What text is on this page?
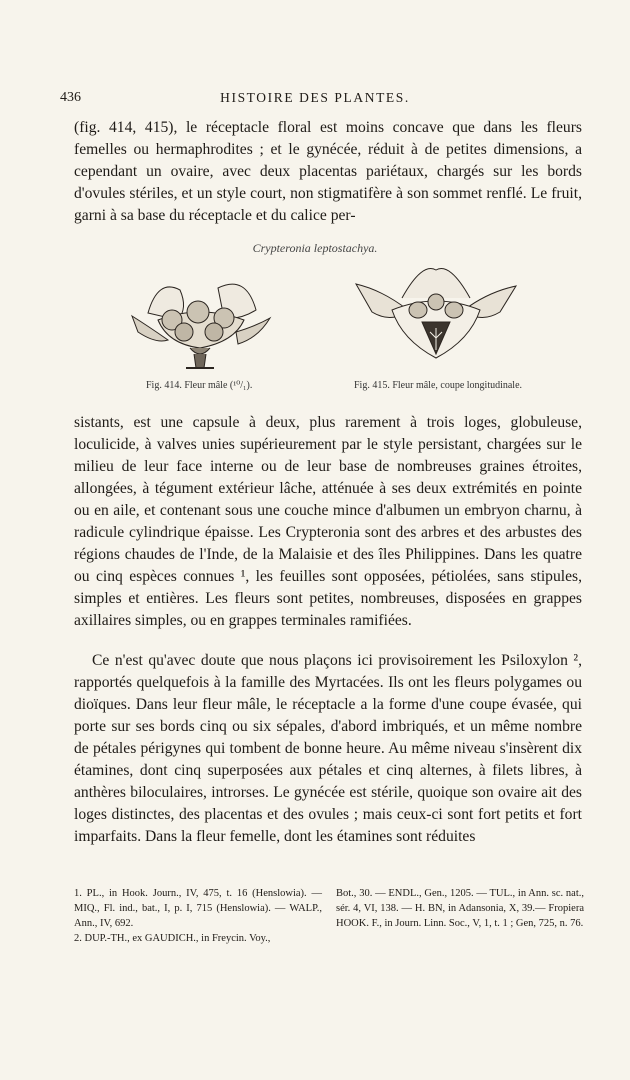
436	HISTOIRE DES PLANTES.

(fig. 414, 415), le réceptacle floral est moins concave que dans les fleurs femelles ou hermaphrodites ; et le gynécée, réduit à de petites dimensions, a cependant un ovaire, avec deux placentas pariétaux, chargés sur les bords d'ovules stériles, et un style court, non stigmatifère à son sommet renflé. Le fruit, garni à sa base du réceptacle et du calice per-

Crypteronia leptostachya.
Fig. 414. Fleur mâle (¹⁰/₁).	Fig. 415. Fleur mâle, coupe longitudinale.

sistants, est une capsule à deux, plus rarement à trois loges, globuleuse, loculicide, à valves unies supérieurement par le style persistant, chargées sur le milieu de leur face interne ou de leur base de nombreuses graines étroites, allongées, à tégument extérieur lâche, atténuée à ses deux extrémités en pointe ou en aile, et contenant sous une couche mince d'albumen un embryon charnu, à radicule cylindrique épaisse. Les Crypteronia sont des arbres et des arbustes des régions chaudes de l'Inde, de la Malaisie et des îles Philippines. Dans les quatre ou cinq espèces connues ¹, les feuilles sont opposées, pétiolées, sans stipules, simples et entières. Les fleurs sont petites, nombreuses, disposées en grappes axillaires simples, ou en grappes terminales ramifiées.

Ce n'est qu'avec doute que nous plaçons ici provisoirement les Psiloxylon ², rapportés quelquefois à la famille des Myrtacées. Ils ont les fleurs polygames ou dioïques. Dans leur fleur mâle, le réceptacle a la forme d'une coupe évasée, qui porte sur ses bords cinq ou six sépales, d'abord imbriqués, et un même nombre de pétales périgynes qui tombent de bonne heure. Au même niveau s'insèrent dix étamines, dont cinq superposées aux pétales et cinq alternes, à filets libres, à anthères biloculaires, introrses. Le gynécée est stérile, quoique son ovaire ait des loges distinctes, des placentas et des ovules ; mais ceux-ci sont fort petits et fort imparfaits. Dans la fleur femelle, dont les étamines sont réduites

1. PL., in Hook. Journ., IV, 475, t. 16 (Henslowia). — MIQ., Fl. ind., bat., I, p. I, 715 (Henslowia). — WALP., Ann., IV, 692.

2. DUP.-TH., ex GAUDICH., in Freycin. Voy.,

Bot., 30. — ENDL., Gen., 1205. — TUL., in Ann. sc. nat., sér. 4, VI, 138. — H. BN, in Adansonia, X, 39.— Fropiera HOOK. F., in Journ. Linn. Soc., V, 1, t. 1 ; Gen, 725, n. 76.
